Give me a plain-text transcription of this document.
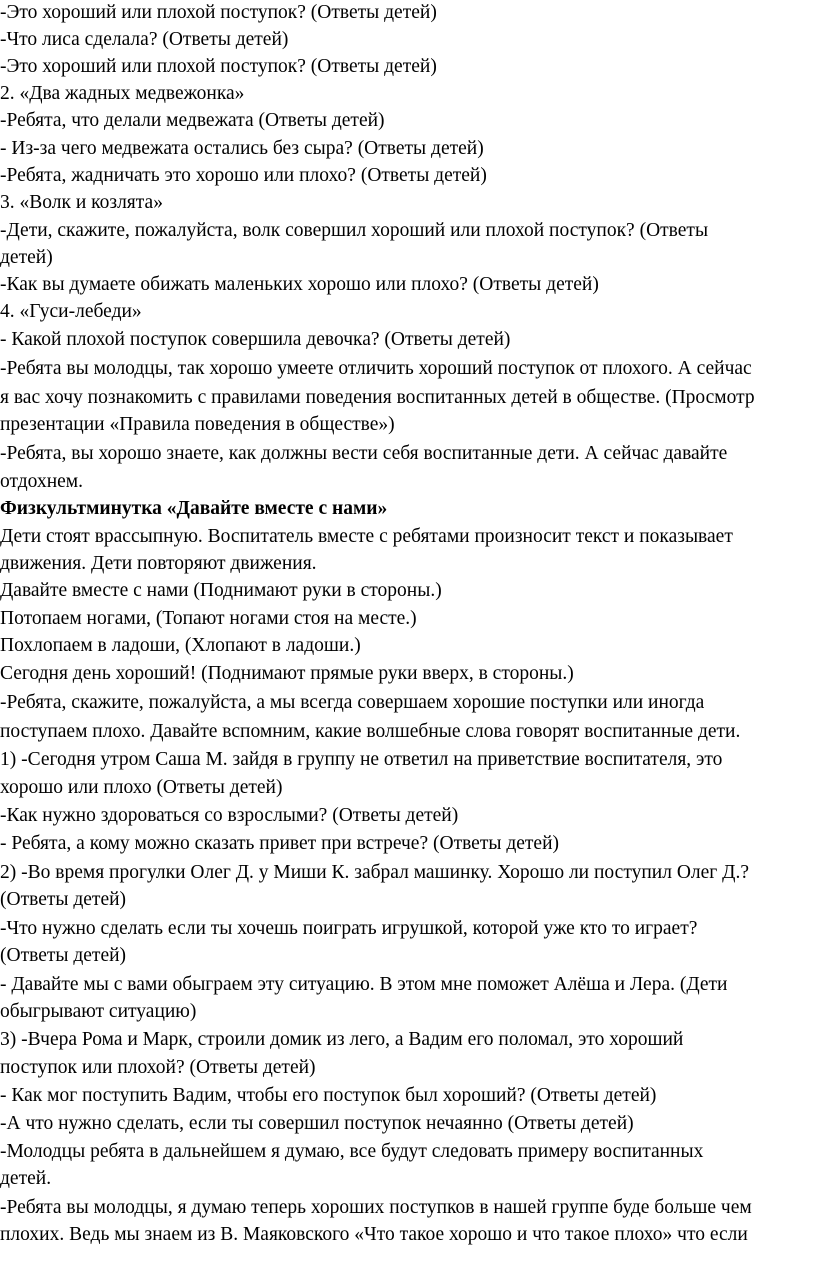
-Это хороший или плохой поступок? (Ответы детей)
-Что лиса сделала? (Ответы детей)
-Это хороший или плохой поступок? (Ответы детей)
2. «Два жадных медвежонка»
-Ребята, что делали медвежата (Ответы детей)
- Из-за чего медвежата остались без сыра? (Ответы детей)
-Ребята, жадничать это хорошо или плохо? (Ответы детей)
3. «Волк и козлята»
-Дети, скажите, пожалуйста, волк совершил хороший или плохой поступок? (Ответы
детей)
-Как вы думаете обижать маленьких хорошо или плохо? (Ответы детей)
4. «Гуси-лебеди»
- Какой плохой поступок совершила девочка? (Ответы детей)
-Ребята вы молодцы, так хорошо умеете отличить хороший поступок от плохого. А сейчас
я вас хочу познакомить с правилами поведения воспитанных детей в обществе. (Просмотр
презентации «Правила поведения в обществе»)
-Ребята, вы хорошо знаете, как должны вести себя воспитанные дети. А сейчас давайте
отдохнем.
Физкультминутка «Давайте вместе с нами»
Дети стоят врассыпную. Воспитатель вместе с ребятами произносит текст и показывает
движения. Дети повторяют движения.
Давайте вместе с нами (Поднимают руки в стороны.)
Потопаем ногами, (Топают ногами стоя на месте.)
Похлопаем в ладоши, (Хлопают в ладоши.)
Сегодня день хороший! (Поднимают прямые руки вверх, в стороны.)
-Ребята, скажите, пожалуйста, а мы всегда совершаем хорошие поступки или иногда
поступаем плохо. Давайте вспомним, какие волшебные слова говорят воспитанные дети.
1) -Сегодня утром Саша М. зайдя в группу не ответил на приветствие воспитателя, это
хорошо или плохо (Ответы детей)
-Как нужно здороваться со взрослыми? (Ответы детей)
- Ребята, а кому можно сказать привет при встрече? (Ответы детей)
2) -Во время прогулки Олег Д. у Миши К. забрал машинку. Хорошо ли поступил Олег Д.?
(Ответы детей)
-Что нужно сделать если ты хочешь поиграть игрушкой, которой уже кто то играет?
(Ответы детей)
- Давайте мы с вами обыграем эту ситуацию. В этом мне поможет Алёша и Лера. (Дети
обыгрывают ситуацию)
3) -Вчера Рома и Марк, строили домик из лего, а Вадим его поломал, это хороший
поступок или плохой? (Ответы детей)
- Как мог поступить Вадим, чтобы его поступок был хороший? (Ответы детей)
-А что нужно сделать, если ты совершил поступок нечаянно (Ответы детей)
-Молодцы ребята в дальнейшем я думаю, все будут следовать примеру воспитанных
детей.
-Ребята вы молодцы, я думаю теперь хороших поступков в нашей группе буде больше чем
плохих. Ведь мы знаем из В. Маяковского «Что такое хорошо и что такое плохо» что если
